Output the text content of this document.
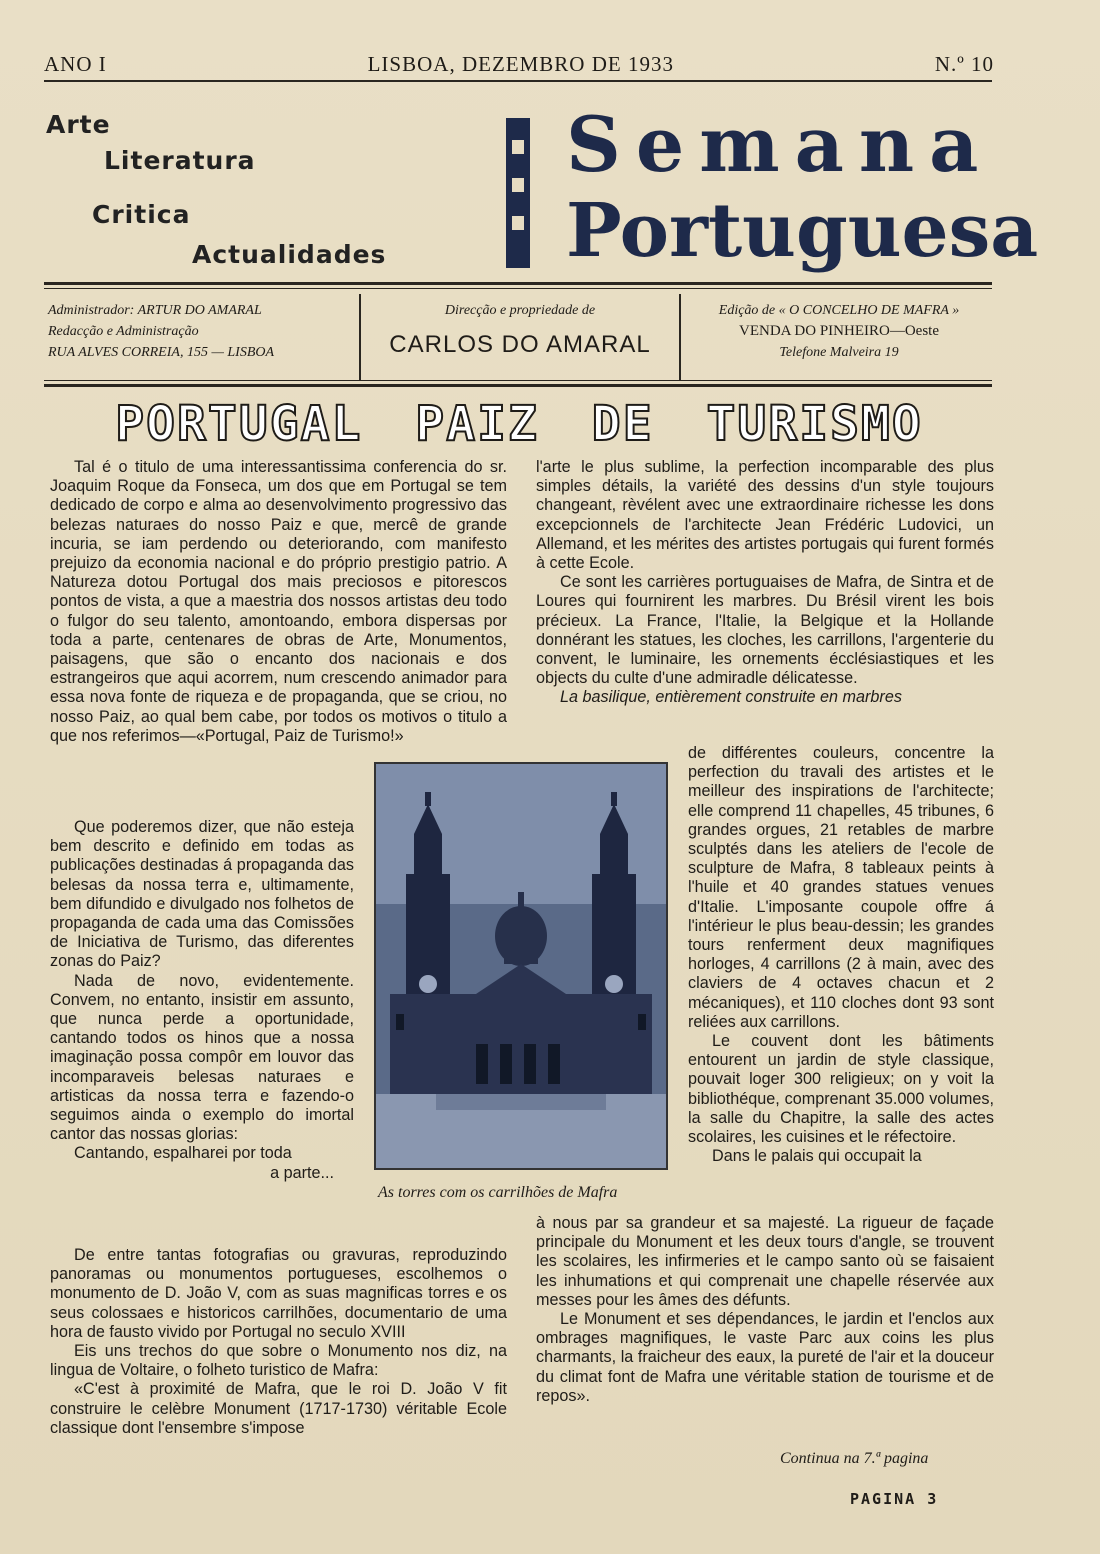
ANO I	LISBOA, DEZEMBRO DE 1933	N.º 10
Arte
Literatura
Critica
Actualidades
Semana
Portuguesa
Administrador: ARTUR DO AMARAL
Redacção e Administração
RUA ALVES CORREIA, 155 — LISBOA
Direcção e propriedade de
CARLOS DO AMARAL
Edição de « O CONCELHO DE MAFRA »
VENDA DO PINHEIRO—Oeste
Telefone Malveira 19
PORTUGAL PAIZ DE TURISMO

Tal é o titulo de uma interessantissima conferencia do sr. Joaquim Roque da Fonseca, um dos que em Portugal se tem dedicado de corpo e alma ao desenvolvimento progressivo das belezas naturaes do nosso Paiz e que, mercê de grande incuria, se iam perdendo ou deteriorando, com manifesto prejuizo da economia nacional e do próprio prestigio patrio. A Natureza dotou Portugal dos mais preciosos e pitorescos pontos de vista, a que a maestria dos nossos artistas deu todo o fulgor do seu talento, amontoando, embora dispersas por toda a parte, centenares de obras de Arte, Monumentos, paisagens, que são o encanto dos nacionais e dos estrangeiros que aqui acorrem, num crescendo animador para essa nova fonte de riqueza e de propaganda, que se criou, no nosso Paiz, ao qual bem cabe, por todos os motivos o titulo a que nos referimos—«Portugal, Paiz de Turismo!»

Que poderemos dizer, que não esteja bem descrito e definido em todas as publicações destinadas á propaganda das belesas da nossa terra e, ultimamente, bem difundido e divulgado nos folhetos de propaganda de cada uma das Comissões de Iniciativa de Turismo, das diferentes zonas do Paiz?

Nada de novo, evidentemente. Convem, no entanto, insistir em assunto, que nunca perde a oportunidade, cantando todos os hinos que a nossa imaginação possa compôr em louvor das incomparaveis belesas naturaes e artisticas da nossa terra e fazendo-o seguimos ainda o exemplo do imortal cantor das nossas glorias:

Cantando, espalharei por toda

a parte...

De entre tantas fotografias ou gravuras, reproduzindo panoramas ou monumentos portugueses, escolhemos o monumento de D. João V, com as suas magnificas torres e os seus colossaes e historicos carrilhões, documentario de uma hora de fausto vivido por Portugal no seculo XVIII

Eis uns trechos do que sobre o Monumento nos diz, na lingua de Voltaire, o folheto turistico de Mafra:

«C'est à proximité de Mafra, que le roi D. João V fit construire le celèbre Monument (1717-1730) véritable Ecole classique dont l'ensembre s'impose

l'arte le plus sublime, la perfection incomparable des plus simples détails, la variété des dessins d'un style toujours changeant, rèvélent avec une extraordinaire richesse les dons excepcionnels de l'architecte Jean Frédéric Ludovici, un Allemand, et les mérites des artistes portugais qui furent formés à cette Ecole.

Ce sont les carrières portuguaises de Mafra, de Sintra et de Loures qui fournirent les marbres. Du Brésil virent les bois précieux. La France, l'Italie, la Belgique et la Hollande donnérant les statues, les cloches, les carrillons, l'argenterie du convent, le luminaire, les ornements écclésiastiques et les objects du culte d'une admiradle délicatesse.

La basilique, entièrement construite en marbres

de différentes couleurs, concentre la perfection du travali des artistes et le meilleur des inspirations de l'architecte; elle comprend 11 chapelles, 45 tribunes, 6 grandes orgues, 21 retables de marbre sculptés dans les ateliers de l'ecole de sculpture de Mafra, 8 tableaux peints à l'huile et 40 grandes statues venues d'Italie. L'imposante coupole offre á l'intérieur le plus beau-dessin; les grandes tours renferment deux magnifiques horloges, 4 carrillons (2 à main, avec des claviers de 4 octaves chacun et 2 mécaniques), et 110 cloches dont 93 sont reliées aux carrillons.

Le couvent dont les bâtiments entourent un jardin de style classique, pouvait loger 300 religieux; on y voit la bibliothéque, comprenant 35.000 volumes, la salle du Chapitre, la salle des actes scolaires, les cuisines et le réfectoire.

Dans le palais qui occupait la

à nous par sa grandeur et sa majesté. La rigueur de façade principale du Monument et les deux tours d'angle, se trouvent les scolaires, les infirmeries et le campo santo où se faisaient les inhumations et qui comprenait une chapelle réservée aux messes pour les âmes des défunts.

Le Monument et ses dépendances, le jardin et l'enclos aux ombrages magnifiques, le vaste Parc aux coins les plus charmants, la fraicheur des eaux, la pureté de l'air et la douceur du climat font de Mafra une véritable station de tourisme et de repos».

Continua na 7.ª pagina
As torres com os carrilhões de Mafra
PAGINA 3
